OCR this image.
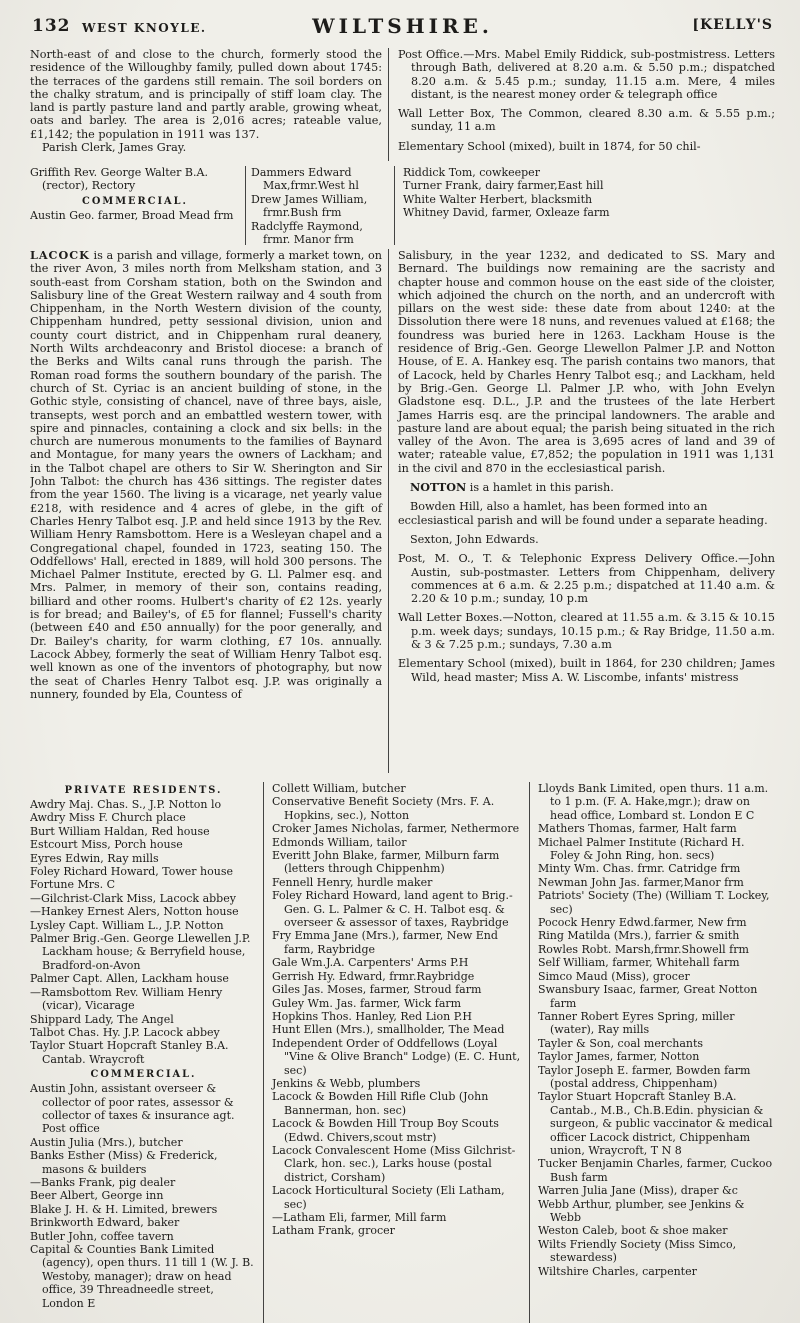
132 WEST KNOYLE.	WILTSHIRE.	[KELLY'S

North-east of and close to the church, formerly stood the residence of the Willoughby family, pulled down about 1745: the terraces of the gardens still remain. The soil borders on the chalky stratum, and is principally of stiff loam clay. The land is partly pasture land and partly arable, growing wheat, oats and barley. The area is 2,016 acres; rateable value, £1,142; the population in 1911 was 137.

Parish Clerk, James Gray.

Post Office.—Mrs. Mabel Emily Riddick, sub-postmistress. Letters through Bath, delivered at 8.20 a.m. & 5.50 p.m.; dispatched 8.20 a.m. & 5.45 p.m.; sunday, 11.15 a.m. Mere, 4 miles distant, is the nearest money order & telegraph office

Wall Letter Box, The Common, cleared 8.30 a.m. & 5.55 p.m.; sunday, 11 a.m

Elementary School (mixed), built in 1874, for 50 chil-

Griffith Rev. George Walter B.A. (rector), Rectory
COMMERCIAL.
Austin Geo. farmer, Broad Mead frm
Dammers Edward Max,frmr.West hl
Drew James William, frmr.Bush frm
Radclyffe Raymond, frmr. Manor frm
Riddick Tom, cowkeeper
Turner Frank, dairy farmer,East hill
White Walter Herbert, blacksmith
Whitney David, farmer, Oxleaze farm

LACOCK is a parish and village, formerly a market town, on the river Avon, 3 miles north from Melksham station, and 3 south-east from Corsham station, both on the Swindon and Salisbury line of the Great Western railway and 4 south from Chippenham, in the North Western division of the county, Chippenham hundred, petty sessional division, union and county court district, and in Chippenham rural deanery, North Wilts archdeaconry and Bristol diocese: a branch of the Berks and Wilts canal runs through the parish. The Roman road forms the southern boundary of the parish. The church of St. Cyriac is an ancient building of stone, in the Gothic style, consisting of chancel, nave of three bays, aisle, transepts, west porch and an embattled western tower, with spire and pinnacles, containing a clock and six bells: in the church are numerous monuments to the families of Baynard and Montague, for many years the owners of Lackham; and in the Talbot chapel are others to Sir W. Sherington and Sir John Talbot: the church has 436 sittings. The register dates from the year 1560. The living is a vicarage, net yearly value £218, with residence and 4 acres of glebe, in the gift of Charles Henry Talbot esq. J.P. and held since 1913 by the Rev. William Henry Ramsbottom. Here is a Wesleyan chapel and a Congregational chapel, founded in 1723, seating 150. The Oddfellows' Hall, erected in 1889, will hold 300 persons. The Michael Palmer Institute, erected by G. Ll. Palmer esq. and Mrs. Palmer, in memory of their son, contains reading, billiard and other rooms. Hulbert's charity of £2 12s. yearly is for bread; and Bailey's, of £5 for flannel; Fussell's charity (between £40 and £50 annually) for the poor generally, and Dr. Bailey's charity, for warm clothing, £7 10s. annually. Lacock Abbey, formerly the seat of William Henry Talbot esq. well known as one of the inventors of photography, but now the seat of Charles Henry Talbot esq. J.P. was originally a nunnery, founded by Ela, Countess of

Salisbury, in the year 1232, and dedicated to SS. Mary and Bernard. The buildings now remaining are the sacristy and chapter house and common house on the east side of the cloister, which adjoined the church on the north, and an undercroft with pillars on the west side: these date from about 1240: at the Dissolution there were 18 nuns, and revenues valued at £168; the foundress was buried here in 1263. Lackham House is the residence of Brig.-Gen. George Llewellon Palmer J.P. and Notton House, of E. A. Hankey esq. The parish contains two manors, that of Lacock, held by Charles Henry Talbot esq.; and Lackham, held by Brig.-Gen. George Ll. Palmer J.P. who, with John Evelyn Gladstone esq. D.L., J.P. and the trustees of the late Herbert James Harris esq. are the principal landowners. The arable and pasture land are about equal; the parish being situated in the rich valley of the Avon. The area is 3,695 acres of land and 39 of water; rateable value, £7,852; the population in 1911 was 1,131 in the civil and 870 in the ecclesiastical parish.

NOTTON is a hamlet in this parish.

Bowden Hill, also a hamlet, has been formed into an ecclesiastical parish and will be found under a separate heading.

Sexton, John Edwards.

Post, M. O., T. & Telephonic Express Delivery Office.—John Austin, sub-postmaster. Letters from Chippenham, delivery commences at 6 a.m. & 2.25 p.m.; dispatched at 11.40 a.m. & 2.20 & 10 p.m.; sunday, 10 p.m

Wall Letter Boxes.—Notton, cleared at 11.55 a.m. & 3.15 & 10.15 p.m. week days; sundays, 10.15 p.m.; & Ray Bridge, 11.50 a.m. & 3 & 7.25 p.m.; sundays, 7.30 a.m

Elementary School (mixed), built in 1864, for 230 children; James Wild, head master; Miss A. W. Liscombe, infants' mistress

PRIVATE RESIDENTS.
Awdry Maj. Chas. S., J.P. Notton lo
Awdry Miss F. Church place
Burt William Haldan, Red house
Estcourt Miss, Porch house
Eyres Edwin, Ray mills
Foley Richard Howard, Tower house
Fortune Mrs. C
—Gilchrist-Clark Miss, Lacock abbey
—Hankey Ernest Alers, Notton house
Lysley Capt. William L., J.P. Notton
Palmer Brig.-Gen. George Llewellen J.P. Lackham house; & Berryfield house, Bradford-on-Avon
Palmer Capt. Allen, Lackham house
—Ramsbottom Rev. William Henry (vicar), Vicarage
Shippard Lady, The Angel
Talbot Chas. Hy. J.P. Lacock abbey
Taylor Stuart Hopcraft Stanley B.A. Cantab. Wraycroft
COMMERCIAL.
Austin John, assistant overseer & collector of poor rates, assessor & collector of taxes & insurance agt. Post office
Austin Julia (Mrs.), butcher
Banks Esther (Miss) & Frederick, masons & builders
—Banks Frank, pig dealer
Beer Albert, George inn
Blake J. H. & H. Limited, brewers
Brinkworth Edward, baker
Butler John, coffee tavern
Capital & Counties Bank Limited (agency), open thurs. 11 till 1 (W. J. B. Westoby, manager); draw on head office, 39 Threadneedle street, London E
Collett William, butcher
Conservative Benefit Society (Mrs. F. A. Hopkins, sec.), Notton
Croker James Nicholas, farmer, Nethermore
Edmonds William, tailor
Everitt John Blake, farmer, Milburn farm (letters through Chippenhm)
Fennell Henry, hurdle maker
Foley Richard Howard, land agent to Brig.-Gen. G. L. Palmer & C. H. Talbot esq. & overseer & assessor of taxes, Raybridge
Fry Emma Jane (Mrs.), farmer, New End farm, Raybridge
Gale Wm.J.A. Carpenters' Arms P.H
Gerrish Hy. Edward, frmr.Raybridge
Giles Jas. Moses, farmer, Stroud farm
Guley Wm. Jas. farmer, Wick farm
Hopkins Thos. Hanley, Red Lion P.H
Hunt Ellen (Mrs.), smallholder, The Mead
Independent Order of Oddfellows (Loyal "Vine & Olive Branch" Lodge) (E. C. Hunt, sec)
Jenkins & Webb, plumbers
Lacock & Bowden Hill Rifle Club (John Bannerman, hon. sec)
Lacock & Bowden Hill Troup Boy Scouts (Edwd. Chivers,scout mstr)
Lacock Convalescent Home (Miss Gilchrist-Clark, hon. sec.), Larks house (postal district, Corsham)
Lacock Horticultural Society (Eli Latham, sec)
—Latham Eli, farmer, Mill farm
Latham Frank, grocer
Lloyds Bank Limited, open thurs. 11 a.m. to 1 p.m. (F. A. Hake,mgr.); draw on head office, Lombard st. London E C
Mathers Thomas, farmer, Halt farm
Michael Palmer Institute (Richard H. Foley & John Ring, hon. secs)
Minty Wm. Chas. frmr. Catridge frm
Newman John Jas. farmer,Manor frm
Patriots' Society (The) (William T. Lockey, sec)
Pocock Henry Edwd.farmer, New frm
Ring Matilda (Mrs.), farrier & smith
Rowles Robt. Marsh,frmr.Showell frm
Self William, farmer, Whitehall farm
Simco Maud (Miss), grocer
Swansbury Isaac, farmer, Great Notton farm
Tanner Robert Eyres Spring, miller (water), Ray mills
Tayler & Son, coal merchants
Taylor James, farmer, Notton
Taylor Joseph E. farmer, Bowden farm (postal address, Chippenham)
Taylor Stuart Hopcraft Stanley B.A. Cantab., M.B., Ch.B.Edin. physician & surgeon, & public vaccinator & medical officer Lacock district, Chippenham union, Wraycroft, T N 8
Tucker Benjamin Charles, farmer, Cuckoo Bush farm
Warren Julia Jane (Miss), draper &c
Webb Arthur, plumber, see Jenkins & Webb
Weston Caleb, boot & shoe maker
Wilts Friendly Society (Miss Simco, stewardess)
Wiltshire Charles, carpenter
